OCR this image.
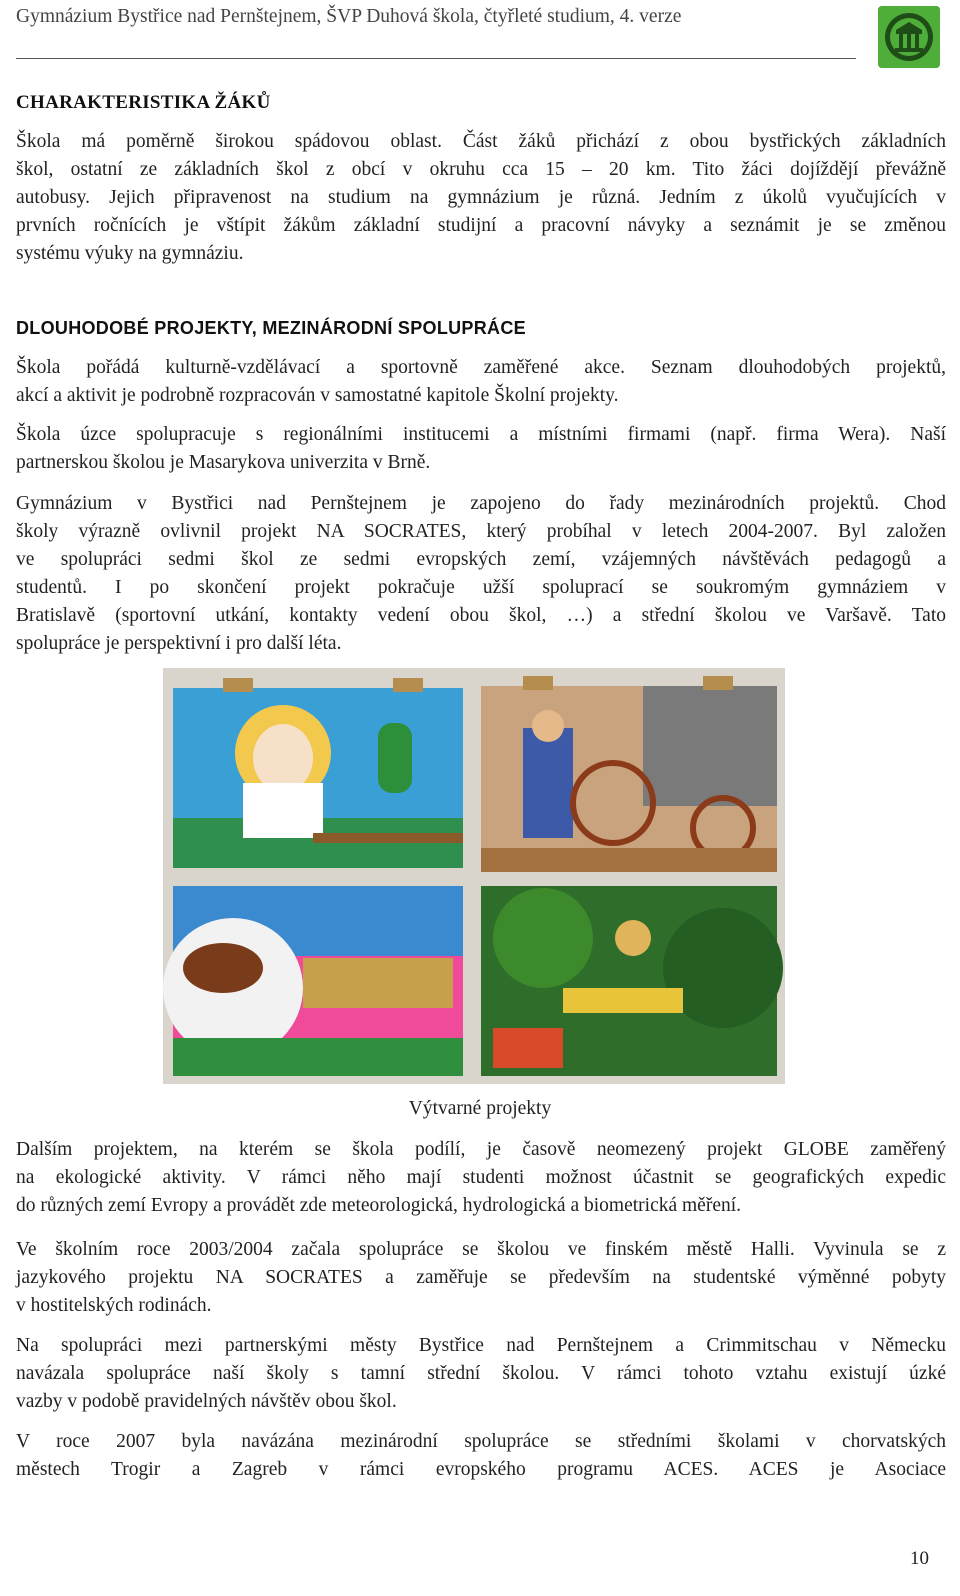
Gymnázium Bystřice nad Pernštejnem, ŠVP Duhová škola, čtyřleté studium, 4. verze
CHARAKTERISTIKA ŽÁKŮ
Škola má poměrně širokou spádovou oblast. Část žáků přichází z obou bystřických základních
škol, ostatní ze základních škol z obcí v okruhu cca 15 – 20 km. Tito žáci dojíždějí převážně
autobusy. Jejich připravenost na studium na gymnázium je různá. Jedním z úkolů vyučujících v
prvních ročnících je vštípit žákům základní studijní a pracovní návyky a seznámit je se změnou
systému výuky na gymnáziu.
DLOUHODOBÉ PROJEKTY, MEZINÁRODNÍ SPOLUPRÁCE
Škola pořádá kulturně-vzdělávací a sportovně zaměřené akce. Seznam dlouhodobých projektů,
akcí a aktivit je podrobně rozpracován v samostatné kapitole Školní projekty.
Škola úzce spolupracuje s regionálními institucemi a místními firmami (např. firma Wera). Naší
partnerskou školou je Masarykova univerzita v Brně.
Gymnázium v Bystřici nad Pernštejnem je zapojeno do řady mezinárodních projektů. Chod
školy výrazně ovlivnil projekt NA SOCRATES, který probíhal v letech 2004-2007. Byl založen
ve spolupráci sedmi škol ze sedmi evropských zemí, vzájemných návštěvách pedagogů a
studentů. I po skončení projekt pokračuje užší spoluprací se soukromým gymnáziem v
Bratislavě (sportovní utkání, kontakty vedení obou škol, …) a střední školou ve Varšavě. Tato
spolupráce je perspektivní i pro další léta.
Výtvarné projekty
Dalším projektem, na kterém se škola podílí, je časově neomezený projekt GLOBE zaměřený
na ekologické aktivity. V rámci něho mají studenti možnost účastnit se geografických expedic
do různých zemí Evropy a provádět zde meteorologická, hydrologická a biometrická měření.
Ve školním roce 2003/2004 začala spolupráce se školou ve finském městě Halli. Vyvinula se z
jazykového projektu NA SOCRATES a zaměřuje se především na studentské výměnné pobyty
v hostitelských rodinách.
Na spolupráci mezi partnerskými městy Bystřice nad Pernštejnem a Crimmitschau v Německu
navázala spolupráce naší školy s tamní střední školou. V rámci tohoto vztahu existují úzké
vazby v podobě pravidelných návštěv obou škol.
V roce 2007 byla navázána mezinárodní spolupráce se středními školami v chorvatských
městech Trogir a Zagreb v rámci evropského programu ACES. ACES je Asociace
10
